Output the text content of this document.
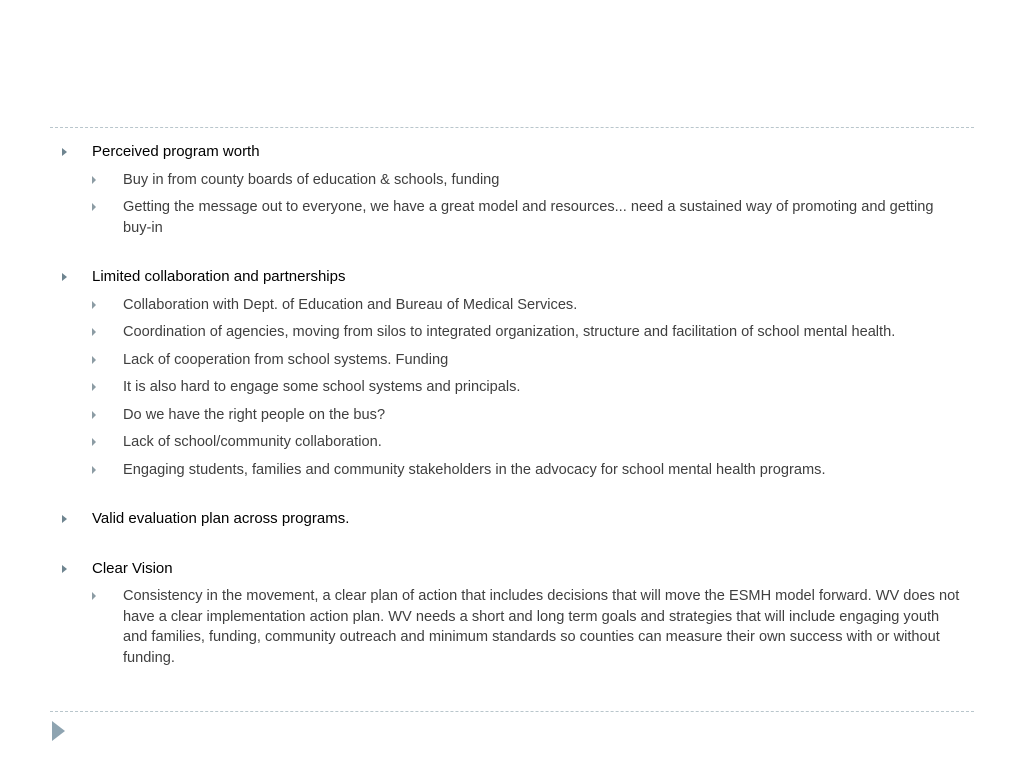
Perceived program worth
Buy in from county boards of education & schools, funding
Getting the message out to everyone, we have a great model and resources... need a sustained way of promoting and getting buy-in
Limited collaboration and partnerships
Collaboration with Dept. of Education and Bureau of Medical Services.
Coordination of agencies, moving from silos to integrated organization, structure and facilitation of school mental health.
Lack of cooperation from school systems. Funding
It is also hard to engage some school systems and principals.
Do we have the right people on the bus?
Lack of school/community collaboration.
Engaging students, families and community stakeholders in the advocacy for school mental health programs.
Valid evaluation plan across programs.
Clear Vision
Consistency in the movement, a clear plan of action that includes decisions that will move the ESMH model forward. WV does not have a clear implementation action plan. WV needs a short and long term goals and strategies that will include engaging youth and families, funding, community outreach and minimum standards so counties can measure their own success with or without funding.
